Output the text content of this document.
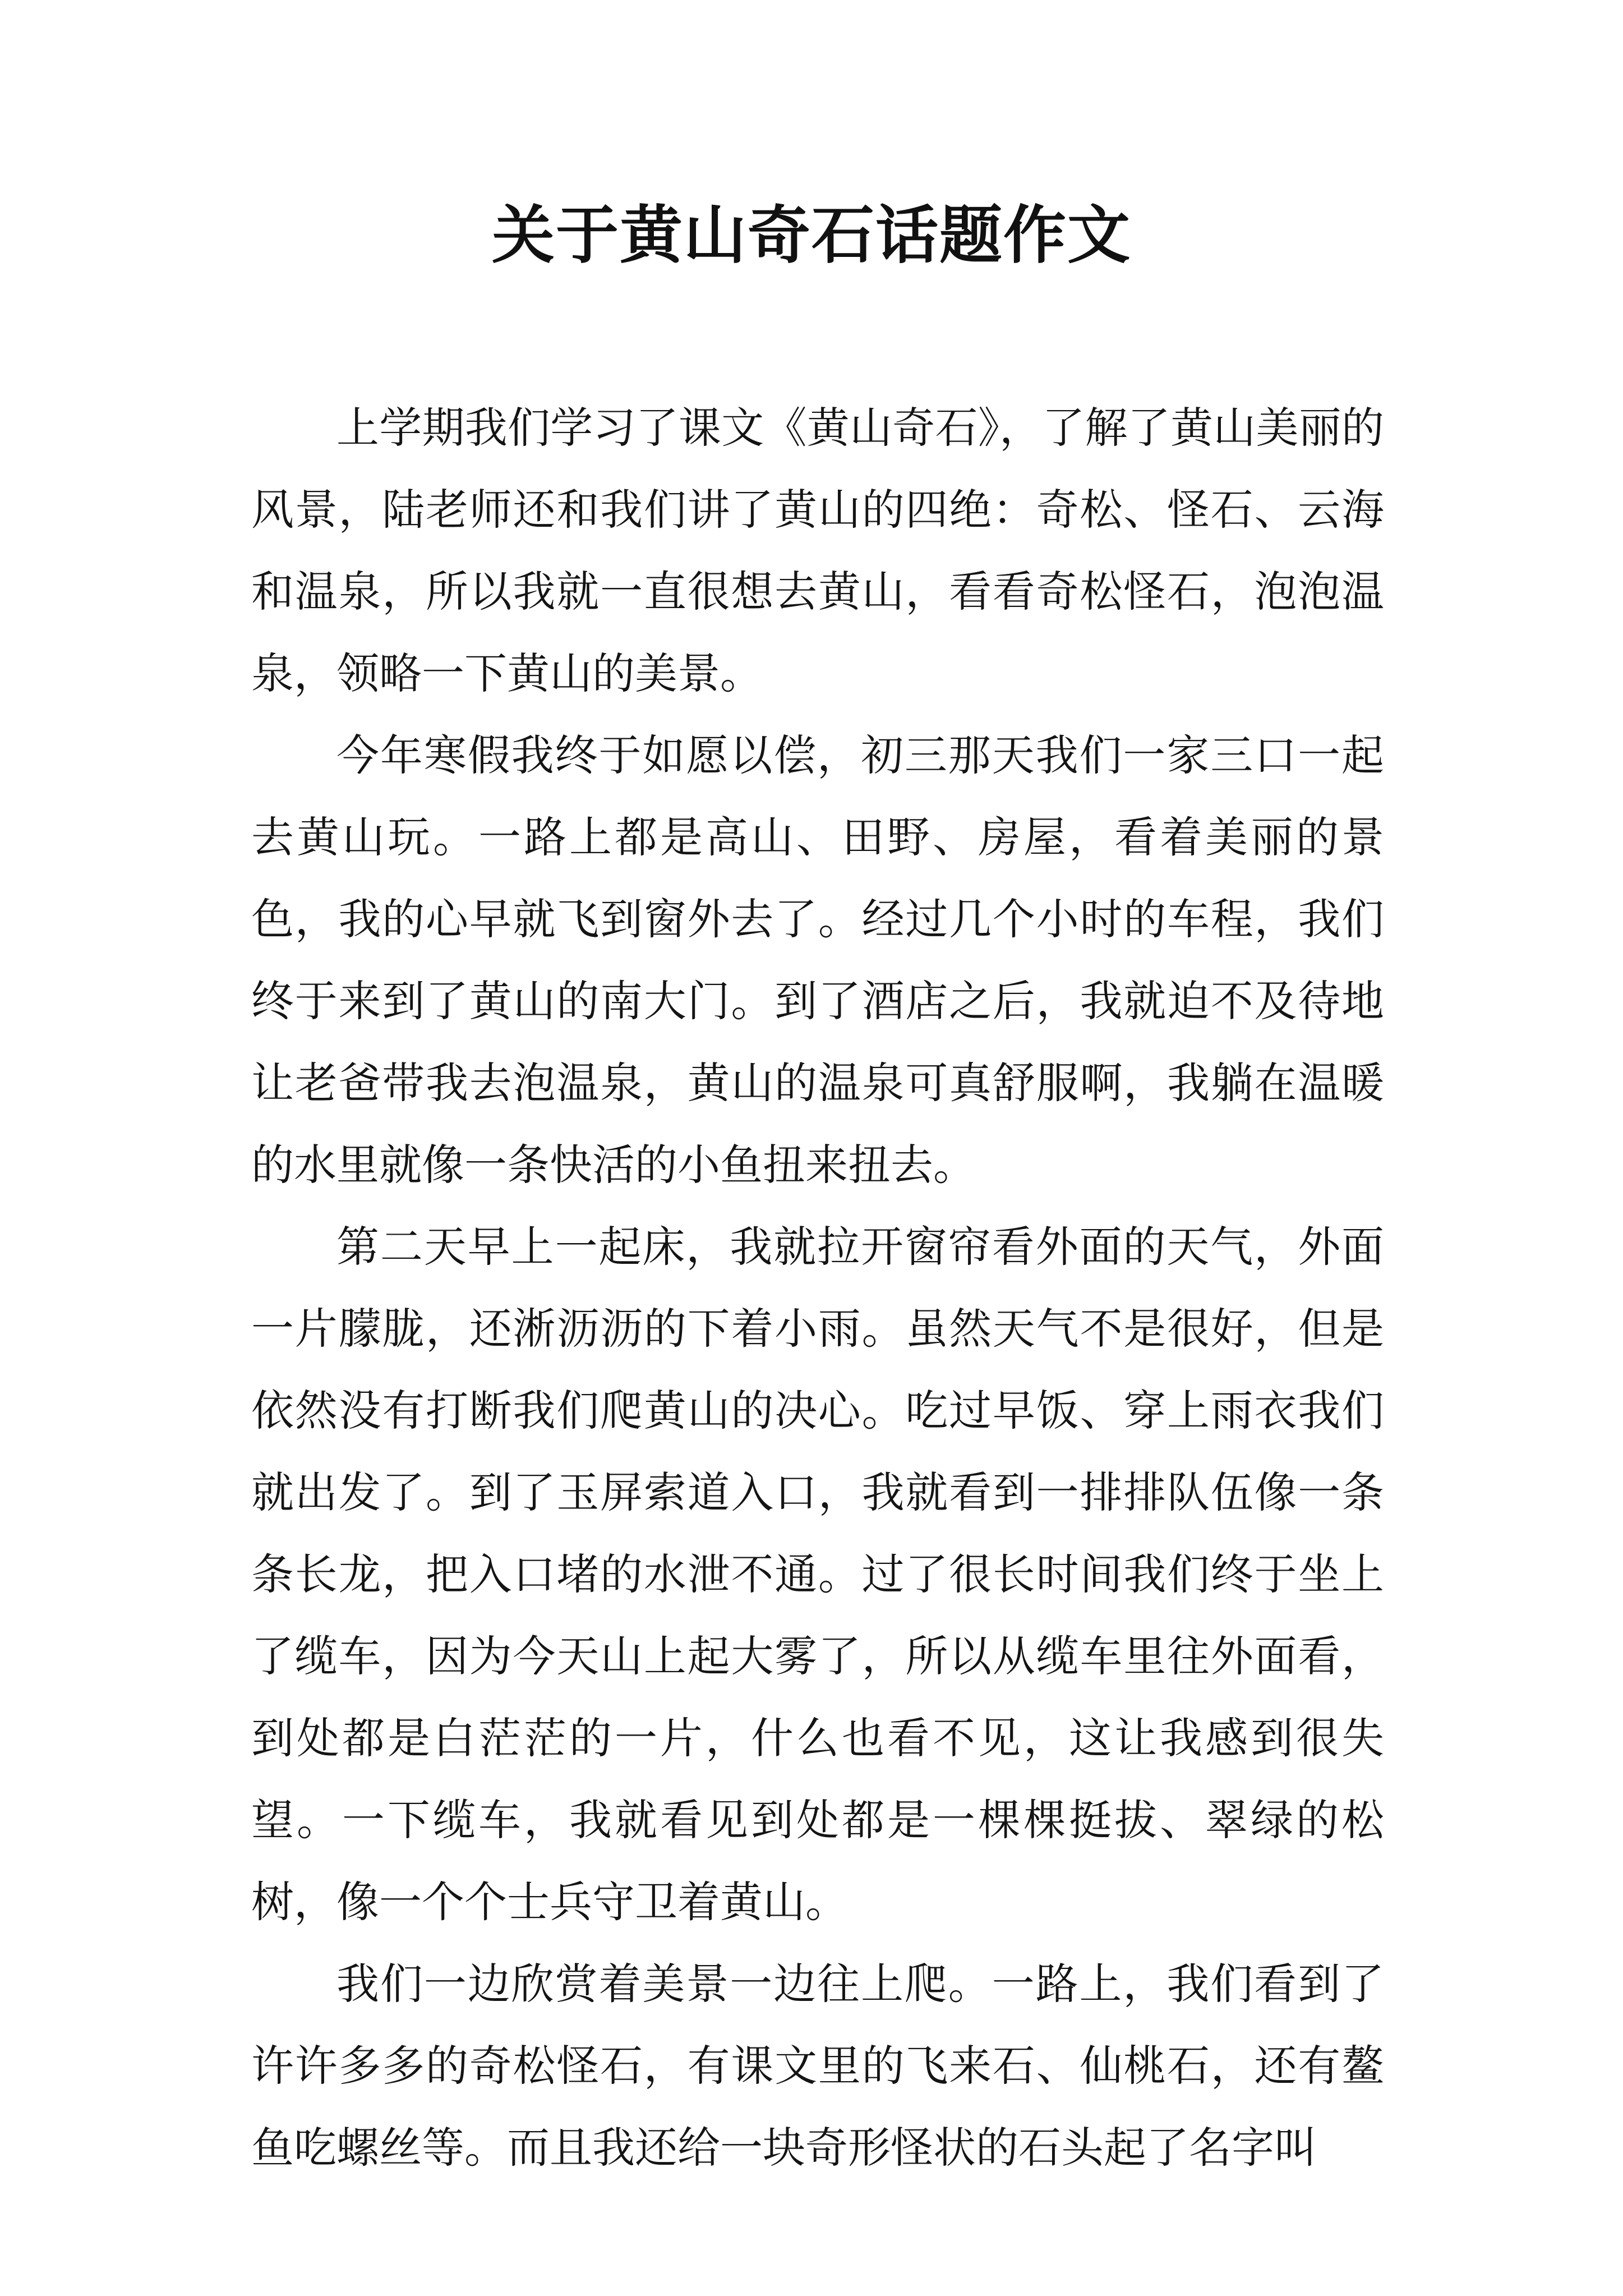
关于黄山奇石话题作文

上学期我们学习了课文《黄山奇石》，了解了黄山美丽的风景，陆老师还和我们讲了黄山的四绝：奇松、怪石、云海和温泉，所以我就一直很想去黄山，看看奇松怪石，泡泡温泉，领略一下黄山的美景。

今年寒假我终于如愿以偿，初三那天我们一家三口一起去黄山玩。一路上都是高山、田野、房屋，看着美丽的景色，我的心早就飞到窗外去了。经过几个小时的车程，我们终于来到了黄山的南大门。到了酒店之后，我就迫不及待地让老爸带我去泡温泉，黄山的温泉可真舒服啊，我躺在温暖的水里就像一条快活的小鱼扭来扭去。

第二天早上一起床，我就拉开窗帘看外面的天气，外面一片朦胧，还淅沥沥的下着小雨。虽然天气不是很好，但是依然没有打断我们爬黄山的决心。吃过早饭、穿上雨衣我们就出发了。到了玉屏索道入口，我就看到一排排队伍像一条条长龙，把入口堵的水泄不通。过了很长时间我们终于坐上了缆车，因为今天山上起大雾了，所以从缆车里往外面看，到处都是白茫茫的一片，什么也看不见，这让我感到很失望。一下缆车，我就看见到处都是一棵棵挺拔、翠绿的松树，像一个个士兵守卫着黄山。

我们一边欣赏着美景一边往上爬。一路上，我们看到了许许多多的奇松怪石，有课文里的飞来石、仙桃石，还有鳌鱼吃螺丝等。而且我还给一块奇形怪状的石头起了名字叫
